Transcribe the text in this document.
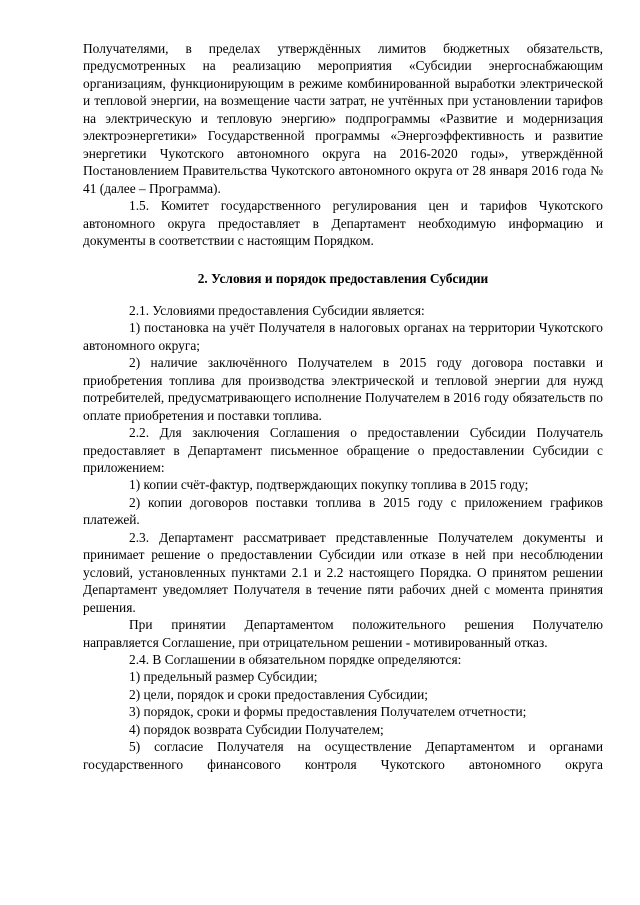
Получателями, в пределах утверждённых лимитов бюджетных обязательств, предусмотренных на реализацию мероприятия «Субсидии энергоснабжающим организациям, функционирующим в режиме комбинированной выработки электрической и тепловой энергии, на возмещение части затрат, не учтённых при установлении тарифов на электрическую и тепловую энергию» подпрограммы «Развитие и модернизация электроэнергетики» Государственной программы «Энергоэффективность и развитие энергетики Чукотского автономного округа на 2016-2020 годы», утверждённой Постановлением Правительства Чукотского автономного округа от 28 января 2016 года № 41 (далее – Программа).

1.5. Комитет государственного регулирования цен и тарифов Чукотского автономного округа предоставляет в Департамент необходимую информацию и документы в соответствии с настоящим Порядком.

2. Условия и порядок предоставления Субсидии

2.1. Условиями предоставления Субсидии является:

1) постановка на учёт Получателя в налоговых органах на территории Чукотского автономного округа;

2) наличие заключённого Получателем в 2015 году договора поставки и приобретения топлива для производства электрической и тепловой энергии для нужд потребителей, предусматривающего исполнение Получателем в 2016 году обязательств по оплате приобретения и поставки топлива.

2.2. Для заключения Соглашения о предоставлении Субсидии Получатель предоставляет в Департамент письменное обращение о предоставлении Субсидии с приложением:

1) копии счёт-фактур, подтверждающих покупку топлива в 2015 году;

2) копии договоров поставки топлива в 2015 году с приложением графиков платежей.

2.3. Департамент рассматривает представленные Получателем документы и принимает решение о предоставлении Субсидии или отказе в ней при несоблюдении условий, установленных пунктами 2.1 и 2.2 настоящего Порядка. О принятом решении Департамент уведомляет Получателя в течение пяти рабочих дней с момента принятия решения.

При принятии Департаментом положительного решения Получателю направляется Соглашение, при отрицательном решении - мотивированный отказ.

2.4. В Соглашении в обязательном порядке определяются:

1) предельный размер Субсидии;

2) цели, порядок и сроки предоставления Субсидии;

3) порядок, сроки и формы предоставления Получателем отчетности;

4) порядок возврата Субсидии Получателем;

5) согласие Получателя на осуществление Департаментом и органами государственного финансового контроля Чукотского автономного округа
